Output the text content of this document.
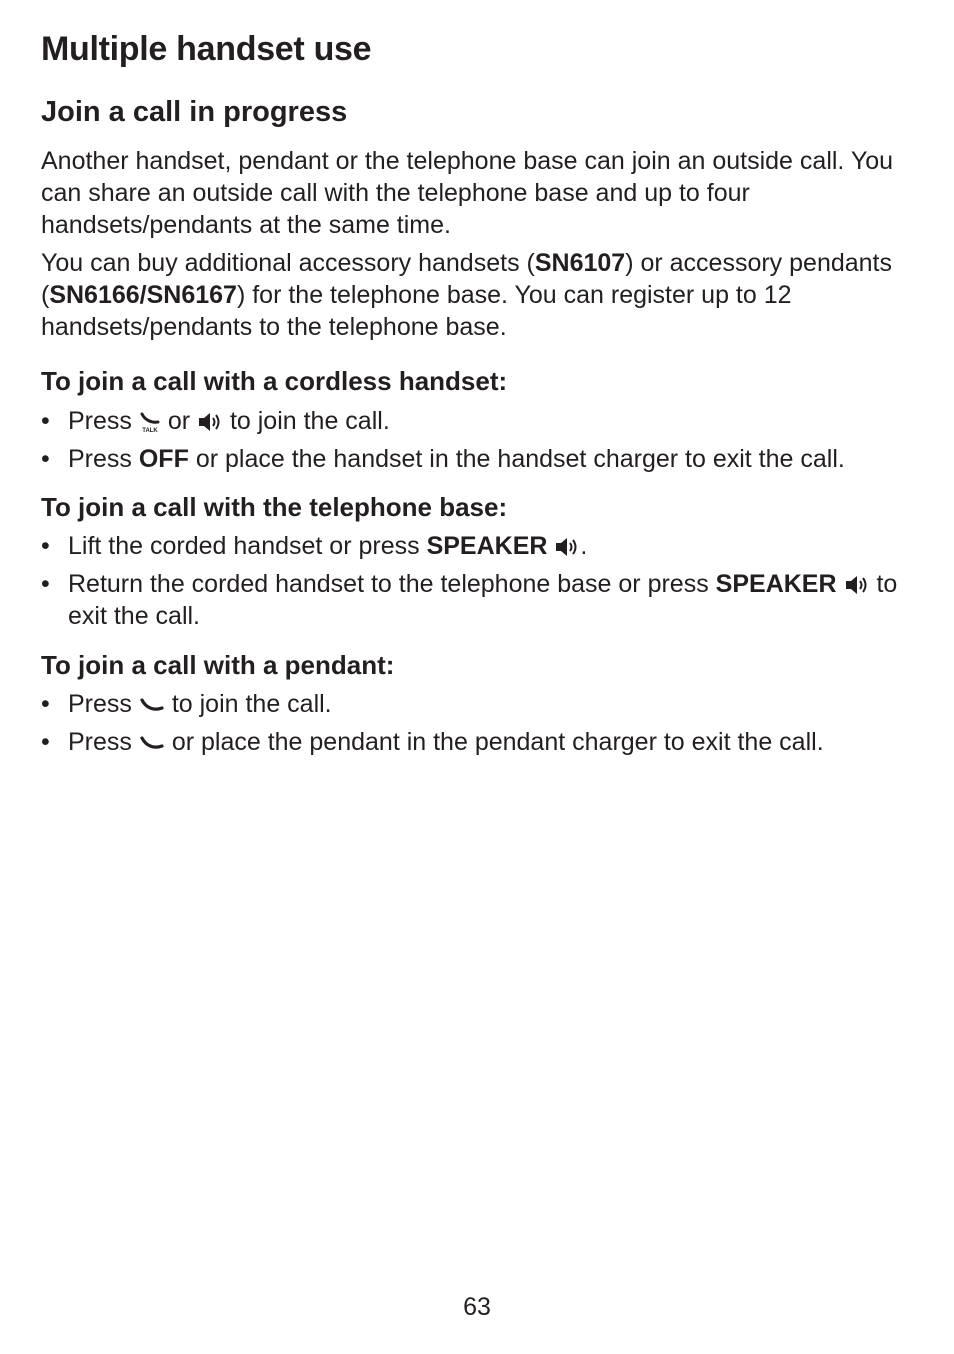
Multiple handset use
Join a call in progress

Another handset, pendant or the telephone base can join an outside call. You can share an outside call with the telephone base and up to four handsets/pendants at the same time.

You can buy additional accessory handsets (SN6107) or accessory pendants (SN6166/SN6167) for the telephone base. You can register up to 12 handsets/pendants to the telephone base.

To join a call with a cordless handset:
• Press TALK or to join the call.
• Press OFF or place the handset in the handset charger to exit the call.
To join a call with the telephone base:
• Lift the corded handset or press SPEAKER .
• Return the corded handset to the telephone base or press SPEAKER to exit the call.
To join a call with a pendant:
• Press to join the call.
• Press or place the pendant in the pendant charger to exit the call.
63
